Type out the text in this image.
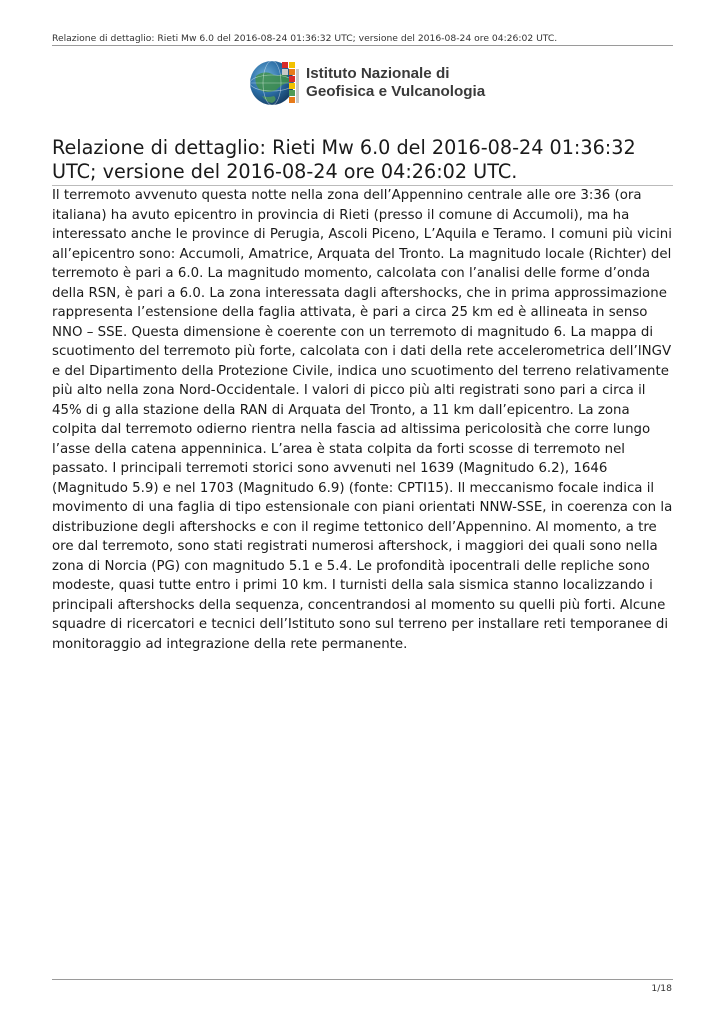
Relazione di dettaglio: Rieti Mw 6.0 del 2016-08-24 01:36:32 UTC; versione del 2016-08-24 ore 04:26:02 UTC.
Istituto Nazionale di
Geofisica e Vulcanologia
Relazione di dettaglio: Rieti Mw 6.0 del 2016-08-24 01:36:32 UTC; versione del 2016-08-24 ore 04:26:02 UTC.

Il terremoto avvenuto questa notte nella zona dell’Appennino centrale alle ore 3:36 (ora italiana) ha avuto epicentro in provincia di Rieti (presso il comune di Accumoli), ma ha interessato anche le province di Perugia, Ascoli Piceno, L’Aquila e Teramo. I comuni più vicini all’epicentro sono: Accumoli, Amatrice, Arquata del Tronto. La magnitudo locale (Richter) del terremoto è pari a 6.0. La magnitudo momento, calcolata con l’analisi delle forme d’onda della RSN, è pari a 6.0. La zona interessata dagli aftershocks, che in prima approssimazione rappresenta l’estensione della faglia attivata, è pari a circa 25 km ed è allineata in senso NNO – SSE. Questa dimensione è coerente con un terremoto di magnitudo 6. La mappa di scuotimento del terremoto più forte, calcolata con i dati della rete accelerometrica dell’INGV e del Dipartimento della Protezione Civile, indica uno scuotimento del terreno relativamente più alto nella zona Nord-Occidentale. I valori di picco più alti registrati sono pari a circa il 45% di g alla stazione della RAN di Arquata del Tronto, a 11 km dall’epicentro. La zona colpita dal terremoto odierno rientra nella fascia ad altissima pericolosità che corre lungo l’asse della catena appenninica. L’area è stata colpita da forti scosse di terremoto nel passato. I principali terremoti storici sono avvenuti nel 1639 (Magnitudo 6.2), 1646 (Magnitudo 5.9) e nel 1703 (Magnitudo 6.9) (fonte: CPTI15). Il meccanismo focale indica il movimento di una faglia di tipo estensionale con piani orientati NNW-SSE, in coerenza con la distribuzione degli aftershocks e con il regime tettonico dell’Appennino. Al momento, a tre ore dal terremoto, sono stati registrati numerosi aftershock, i maggiori dei quali sono nella zona di Norcia (PG) con magnitudo 5.1 e 5.4. Le profondità ipocentrali delle repliche sono modeste, quasi tutte entro i primi 10 km. I turnisti della sala sismica stanno localizzando i principali aftershocks della sequenza, concentrandosi al momento su quelli più forti. Alcune squadre di ricercatori e tecnici dell’Istituto sono sul terreno per installare reti temporanee di monitoraggio ad integrazione della rete permanente.

1/18
